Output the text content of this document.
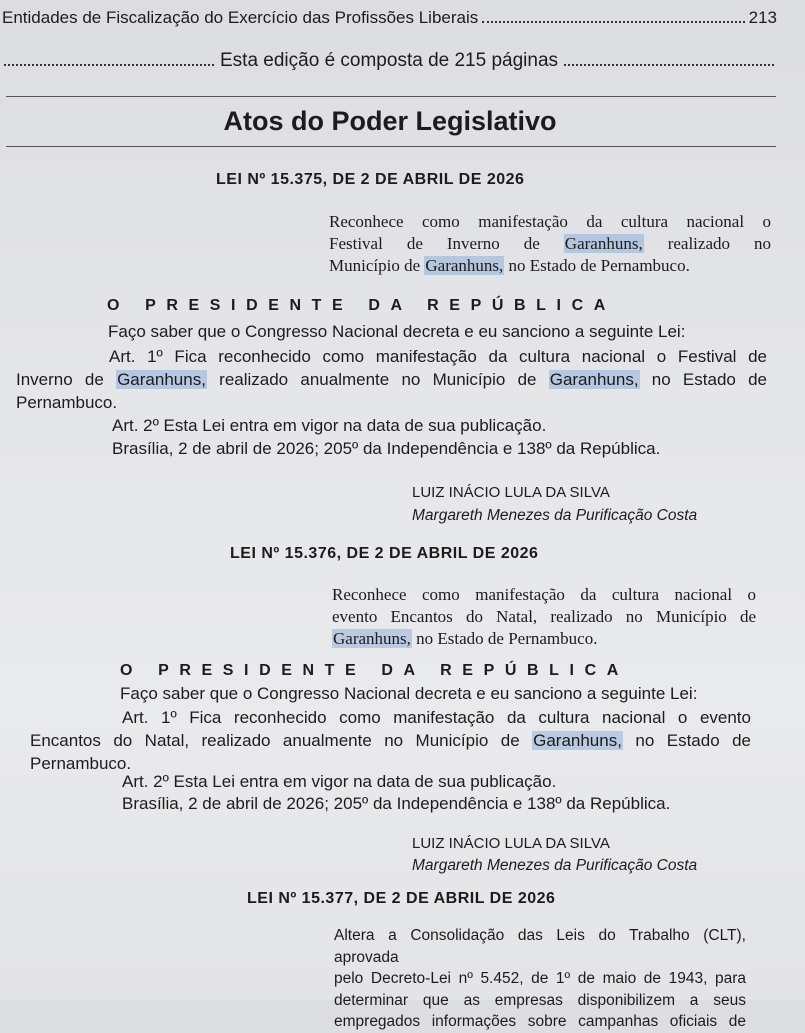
Entidades de Fiscalização do Exercício das Profissões Liberais	213
Esta edição é composta de 215 páginas
Atos do Poder Legislativo
LEI Nº 15.375, DE 2 DE ABRIL DE 2026
Reconhece como manifestação da cultura nacional o
Festival de Inverno de Garanhuns, realizado no
Município de Garanhuns, no Estado de Pernambuco.
O PRESIDENTE DA REPÚBLICA
Faço saber que o Congresso Nacional decreta e eu sanciono a seguinte Lei:
Art. 1º Fica reconhecido como manifestação da cultura nacional o Festival de
Inverno de Garanhuns, realizado anualmente no Município de Garanhuns, no Estado de
Pernambuco.
Art. 2º Esta Lei entra em vigor na data de sua publicação.
Brasília, 2 de abril de 2026; 205º da Independência e 138º da República.
LUIZ INÁCIO LULA DA SILVA
Margareth Menezes da Purificação Costa
LEI Nº 15.376, DE 2 DE ABRIL DE 2026
Reconhece como manifestação da cultura nacional o
evento Encantos do Natal, realizado no Município de
Garanhuns, no Estado de Pernambuco.
O PRESIDENTE DA REPÚBLICA
Faço saber que o Congresso Nacional decreta e eu sanciono a seguinte Lei:
Art. 1º Fica reconhecido como manifestação da cultura nacional o evento
Encantos do Natal, realizado anualmente no Município de Garanhuns, no Estado de
Pernambuco.
Art. 2º Esta Lei entra em vigor na data de sua publicação.
Brasília, 2 de abril de 2026; 205º da Independência e 138º da República.
LUIZ INÁCIO LULA DA SILVA
Margareth Menezes da Purificação Costa
LEI Nº 15.377, DE 2 DE ABRIL DE 2026
Altera a Consolidação das Leis do Trabalho (CLT), aprovada
pelo Decreto-Lei nº 5.452, de 1º de maio de 1943, para
determinar que as empresas disponibilizem a seus
empregados informações sobre campanhas oficiais de
